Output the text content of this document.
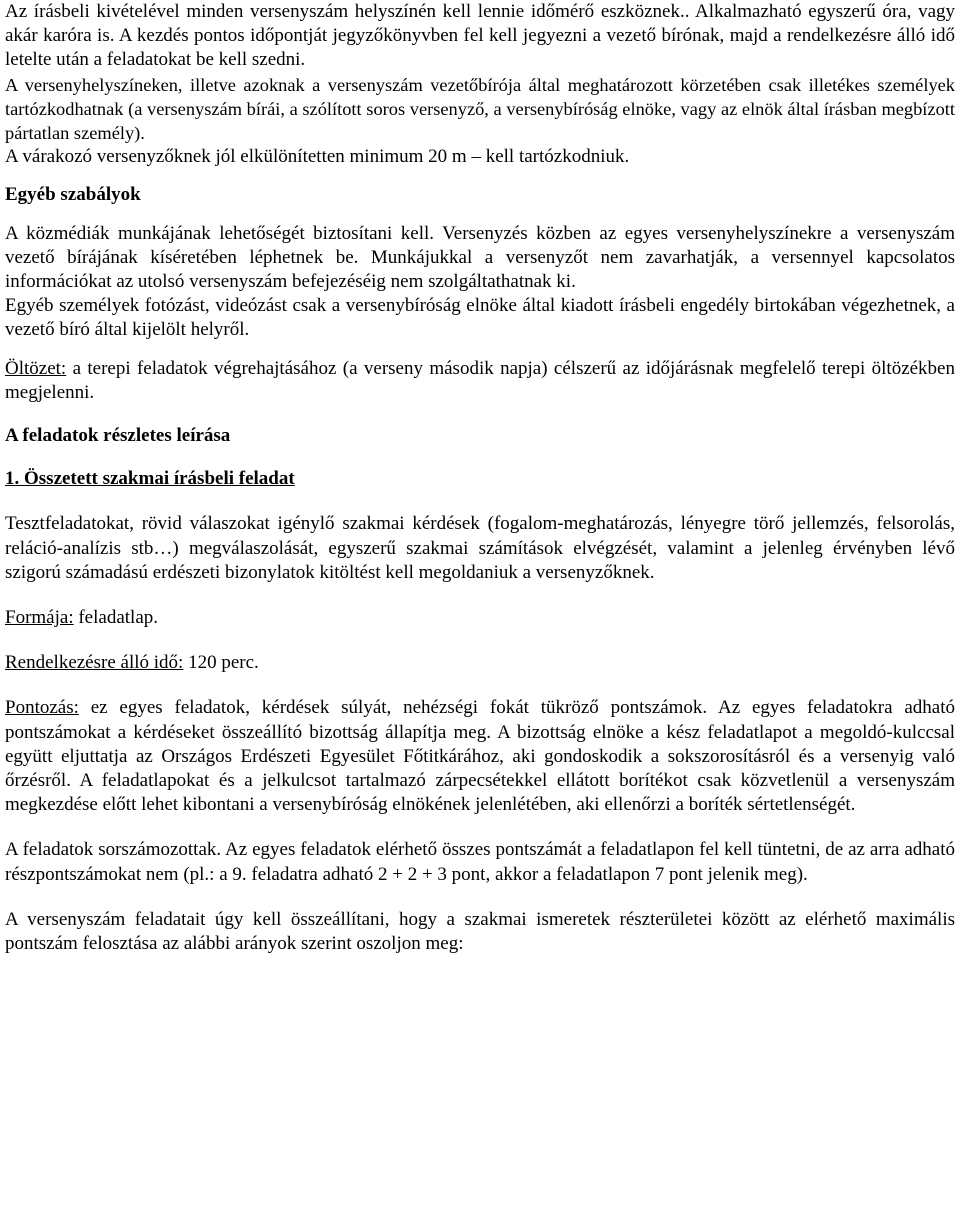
Az írásbeli kivételével minden versenyszám helyszínén kell lennie időmérő eszköznek.. Alkalmazható egyszerű óra, vagy akár karóra is. A kezdés pontos időpontját jegyzőkönyvben fel kell jegyezni a vezető bírónak, majd a rendelkezésre álló idő letelte után a feladatokat be kell szedni.

A versenyhelyszíneken, illetve azoknak a versenyszám vezetőbírója által meghatározott körzetében csak illetékes személyek tartózkodhatnak (a versenyszám bírái, a szólított soros versenyző, a versenybíróság elnöke, vagy az elnök által írásban megbízott pártatlan személy).

A várakozó versenyzőknek jól elkülönítetten minimum 20 m – kell tartózkodniuk.

Egyéb szabályok

A közmédiák munkájának lehetőségét biztosítani kell. Versenyzés közben az egyes versenyhelyszínekre a versenyszám vezető bírájának kíséretében léphetnek be. Munkájukkal a versenyzőt nem zavarhatják, a versennyel kapcsolatos információkat az utolsó versenyszám befejezéséig nem szolgáltathatnak ki.

Egyéb személyek fotózást, videózást csak a versenybíróság elnöke által kiadott írásbeli engedély birtokában végezhetnek, a vezető bíró által kijelölt helyről.

Öltözet: a terepi feladatok végrehajtásához (a verseny második napja) célszerű az időjárásnak megfelelő terepi öltözékben megjelenni.

A feladatok részletes leírása

1. Összetett szakmai írásbeli feladat

Tesztfeladatokat, rövid válaszokat igénylő szakmai kérdések (fogalom-meghatározás, lényegre törő jellemzés, felsorolás, reláció-analízis stb…) megválaszolását, egyszerű szakmai számítások elvégzését, valamint a jelenleg érvényben lévő szigorú számadású erdészeti bizonylatok kitöltést kell megoldaniuk a versenyzőknek.

Formája: feladatlap.

Rendelkezésre álló idő: 120 perc.

Pontozás: ez egyes feladatok, kérdések súlyát, nehézségi fokát tükröző pontszámok. Az egyes feladatokra adható pontszámokat a kérdéseket összeállító bizottság állapítja meg. A bizottság elnöke a kész feladatlapot a megoldó-kulccsal együtt eljuttatja az Országos Erdészeti Egyesület Főtitkárához, aki gondoskodik a sokszorosításról és a versenyig való őrzésről. A feladatlapokat és a jelkulcsot tartalmazó zárpecsétekkel ellátott borítékot csak közvetlenül a versenyszám megkezdése előtt lehet kibontani a versenybíróság elnökének jelenlétében, aki ellenőrzi a boríték sértetlenségét.

A feladatok sorszámozottak. Az egyes feladatok elérhető összes pontszámát a feladatlapon fel kell tüntetni, de az arra adható részpontszámokat nem (pl.: a 9. feladatra adható 2 + 2 + 3 pont, akkor a feladatlapon 7 pont jelenik meg).

A versenyszám feladatait úgy kell összeállítani, hogy a szakmai ismeretek részterületei között az elérhető maximális pontszám felosztása az alábbi arányok szerint oszoljon meg:
